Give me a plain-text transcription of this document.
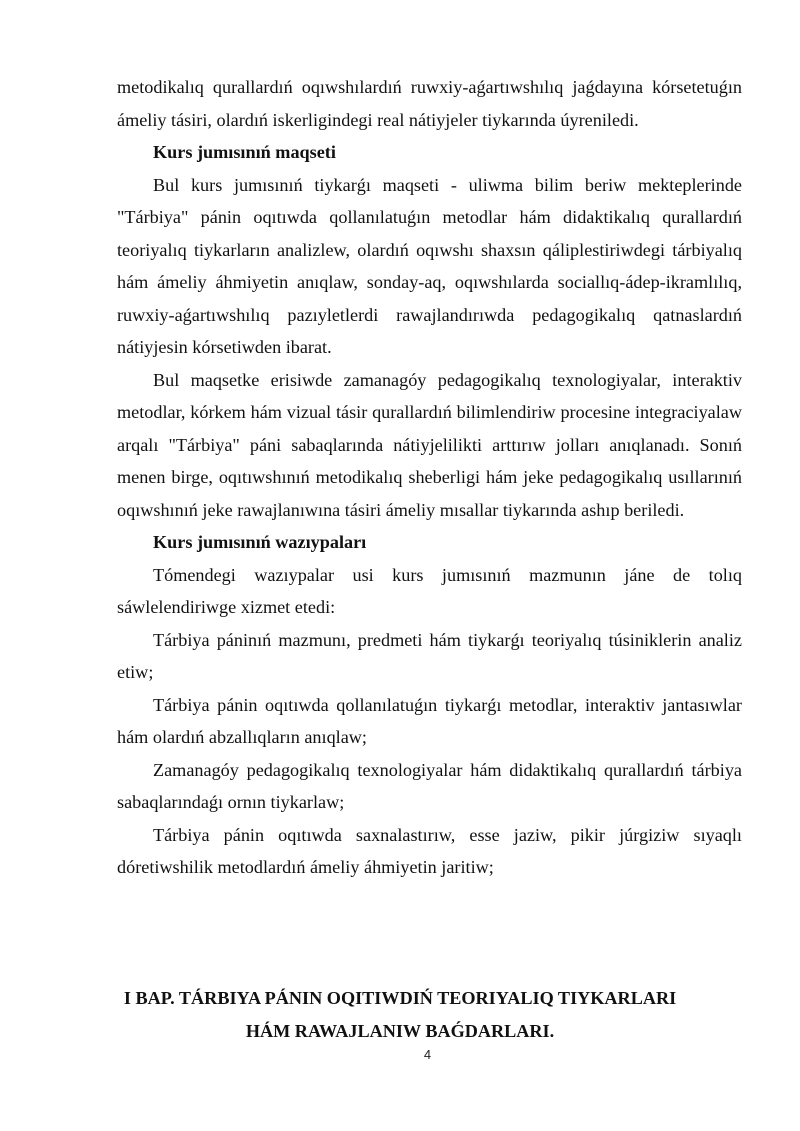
metodikalıq qurallardıń oqıwshılardıń ruwxiy-aǵartıwshılıq jaǵdayına kórsetetuǵın ámeliy tásiri, olardıń iskerligindegi real nátiyjeler tiykarında úyreniledi.

Kurs jumısınıń maqseti

Bul kurs jumısınıń tiykarǵı maqseti - uliwma bilim beriw mekteplerinde "Tárbiya" pánin oqıtıwda qollanılatuǵın metodlar hám didaktikalıq qurallardıń teoriyalıq tiykarların analizlew, olardıń oqıwshı shaxsın qáliplestiriwdegi tárbiyalıq hám ámeliy áhmiyetin anıqlaw, sonday-aq, oqıwshılarda sociallıq-ádep-ikramlılıq, ruwxiy-aǵartıwshılıq pazıyletlerdi rawajlandırıwda pedagogikalıq qatnaslardıń nátiyjesin kórsetiwden ibarat.

Bul maqsetke erisiwde zamanagóy pedagogikalıq texnologiyalar, interaktiv metodlar, kórkem hám vizual tásir qurallardıń bilimlendiriw procesine integraciyalaw arqalı "Tárbiya" páni sabaqlarında nátiyjelilikti arttırıw jolları anıqlanadı. Sonıń menen birge, oqıtıwshınıń metodikalıq sheberligi hám jeke pedagogikalıq usıllarınıń oqıwshınıń jeke rawajlanıwına tásiri ámeliy mısallar tiykarında ashıp beriledi.

Kurs jumısınıń wazıypaları

Tómendegi wazıypalar usi kurs jumısınıń mazmunın jáne de tolıq sáwlelendiriwge xizmet etedi:

Tárbiya páninıń mazmunı, predmeti hám tiykarǵı teoriyalıq túsiniklerin analiz etiw;

Tárbiya pánin oqıtıwda qollanılatuǵın tiykarǵı metodlar, interaktiv jantasıwlar hám olardıń abzallıqların anıqlaw;

Zamanagóy pedagogikalıq texnologiyalar hám didaktikalıq qurallardıń tárbiya sabaqlarındaǵı ornın tiykarlaw;

Tárbiya pánin oqıtıwda saxnalastırıw, esse jaziw, pikir júrgiziw sıyaqlı dóretiwshilik metodlardıń ámeliy áhmiyetin jaritiw;

I BAP. TÁRBIYA PÁNIN OQITIWDIŃ TEORIYALIQ TIYKARLARI
HÁM RAWAJLANIW BAǴDARLARI.
4
